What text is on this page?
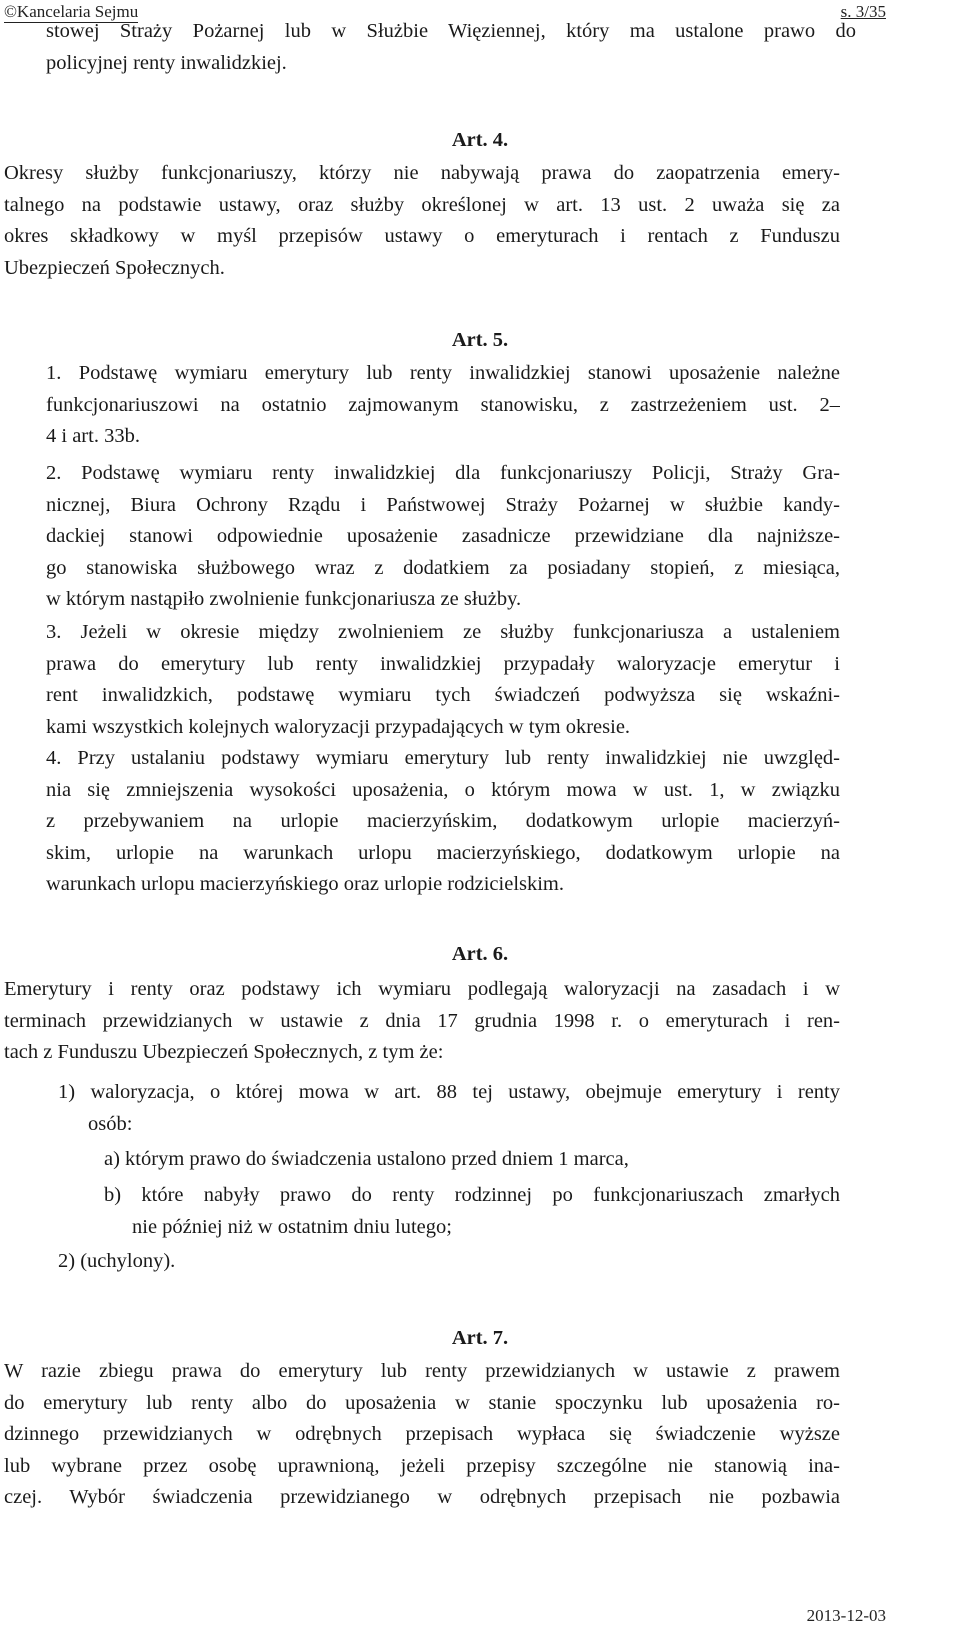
©Kancelaria Sejmu	s. 3/35
stowej Straży Pożarnej lub w Służbie Więziennej, który ma ustalone prawo do
policyjnej renty inwalidzkiej.
Art. 4.
Okresy służby funkcjonariuszy, którzy nie nabywają prawa do zaopatrzenia emery-
talnego na podstawie ustawy, oraz służby określonej w art. 13 ust. 2 uważa się za
okres składkowy w myśl przepisów ustawy o emeryturach i rentach z Funduszu
Ubezpieczeń Społecznych.
Art. 5.
1. Podstawę wymiaru emerytury lub renty inwalidzkiej stanowi uposażenie należne
funkcjonariuszowi na ostatnio zajmowanym stanowisku, z zastrzeżeniem ust. 2–
4 i art. 33b.
2. Podstawę wymiaru renty inwalidzkiej dla funkcjonariuszy Policji, Straży Gra-
nicznej, Biura Ochrony Rządu i Państwowej Straży Pożarnej w służbie kandy-
dackiej stanowi odpowiednie uposażenie zasadnicze przewidziane dla najniższe-
go stanowiska służbowego wraz z dodatkiem za posiadany stopień, z miesiąca,
w którym nastąpiło zwolnienie funkcjonariusza ze służby.
3. Jeżeli w okresie między zwolnieniem ze służby funkcjonariusza a ustaleniem
prawa do emerytury lub renty inwalidzkiej przypadały waloryzacje emerytur i
rent inwalidzkich, podstawę wymiaru tych świadczeń podwyższa się wskaźni-
kami wszystkich kolejnych waloryzacji przypadających w tym okresie.
4. Przy ustalaniu podstawy wymiaru emerytury lub renty inwalidzkiej nie uwzględ-
nia się zmniejszenia wysokości uposażenia, o którym mowa w ust. 1, w związku
z przebywaniem na urlopie macierzyńskim, dodatkowym urlopie macierzyń-
skim, urlopie na warunkach urlopu macierzyńskiego, dodatkowym urlopie na
warunkach urlopu macierzyńskiego oraz urlopie rodzicielskim.
Art. 6.
Emerytury i renty oraz podstawy ich wymiaru podlegają waloryzacji na zasadach i w
terminach przewidzianych w ustawie z dnia 17 grudnia 1998 r. o emeryturach i ren-
tach z Funduszu Ubezpieczeń Społecznych, z tym że:
1) waloryzacja, o której mowa w art. 88 tej ustawy, obejmuje emerytury i renty
osób:
a) którym prawo do świadczenia ustalono przed dniem 1 marca,
b) które nabyły prawo do renty rodzinnej po funkcjonariuszach zmarłych
nie później niż w ostatnim dniu lutego;
2) (uchylony).
Art. 7.
W razie zbiegu prawa do emerytury lub renty przewidzianych w ustawie z prawem
do emerytury lub renty albo do uposażenia w stanie spoczynku lub uposażenia ro-
dzinnego przewidzianych w odrębnych przepisach wypłaca się świadczenie wyższe
lub wybrane przez osobę uprawnioną, jeżeli przepisy szczególne nie stanowią ina-
czej. Wybór świadczenia przewidzianego w odrębnych przepisach nie pozbawia
2013-12-03
